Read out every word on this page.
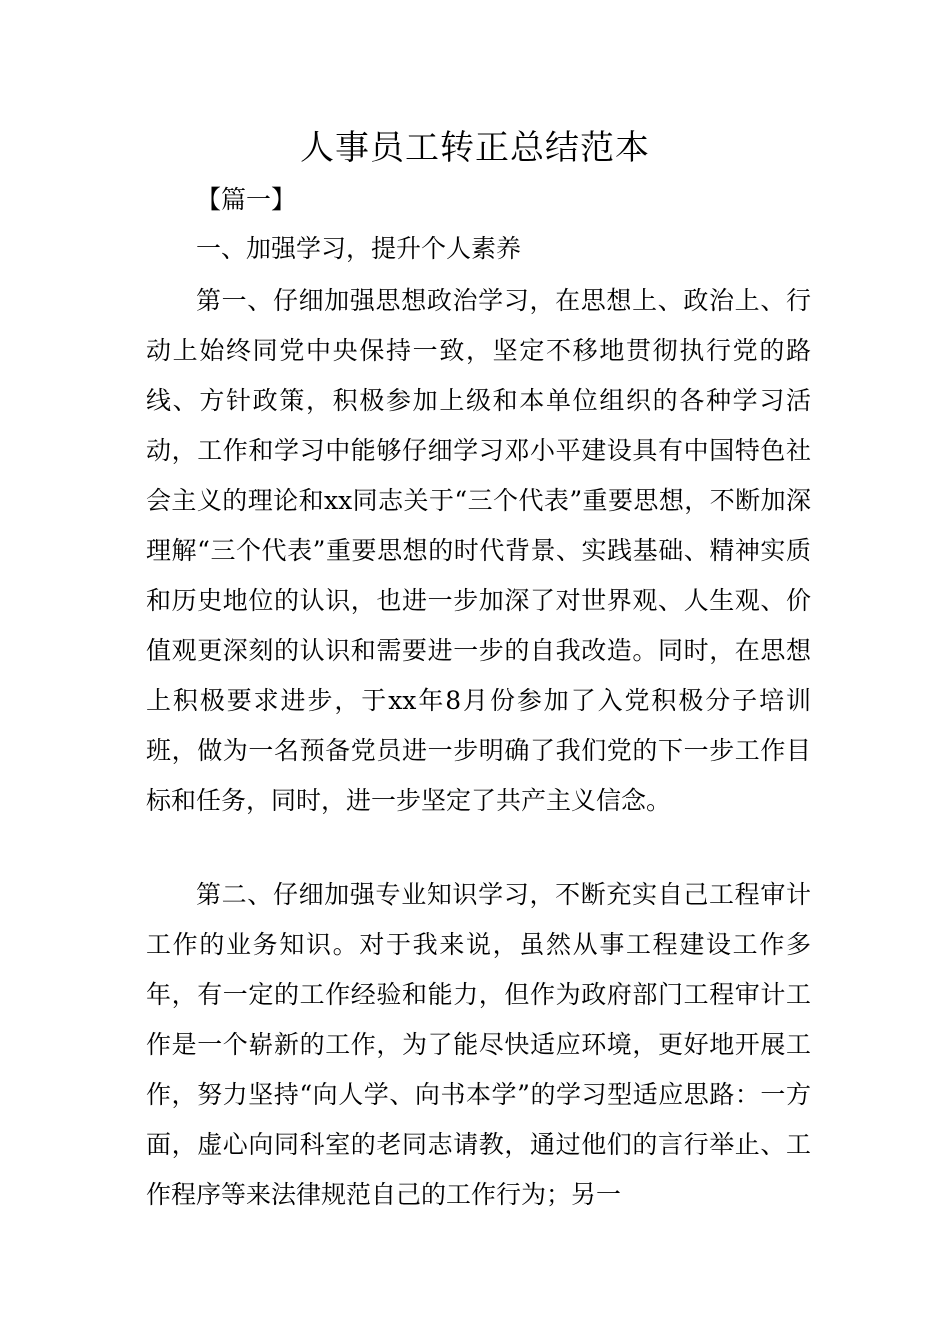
人事员工转正总结范本
【篇一】
一、加强学习，提升个人素养
第一、仔细加强思想政治学习，在思想上、政治上、行动上始终同党中央保持一致，坚定不移地贯彻执行党的路线、方针政策，积极参加上级和本单位组织的各种学习活动，工作和学习中能够仔细学习邓小平建设具有中国特色社会主义的理论和xx同志关于“三个代表”重要思想，不断加深理解“三个代表”重要思想的时代背景、实践基础、精神实质和历史地位的认识，也进一步加深了对世界观、人生观、价值观更深刻的认识和需要进一步的自我改造。同时，在思想上积极要求进步，于xx年8月份参加了入党积极分子培训班，做为一名预备党员进一步明确了我们党的下一步工作目标和任务，同时，进一步坚定了共产主义信念。
第二、仔细加强专业知识学习，不断充实自己工程审计工作的业务知识。对于我来说，虽然从事工程建设工作多年，有一定的工作经验和能力，但作为政府部门工程审计工作是一个崭新的工作，为了能尽快适应环境，更好地开展工作，努力坚持“向人学、向书本学”的学习型适应思路：一方面，虚心向同科室的老同志请教，通过他们的言行举止、工作程序等来法律规范自己的工作行为；另一
